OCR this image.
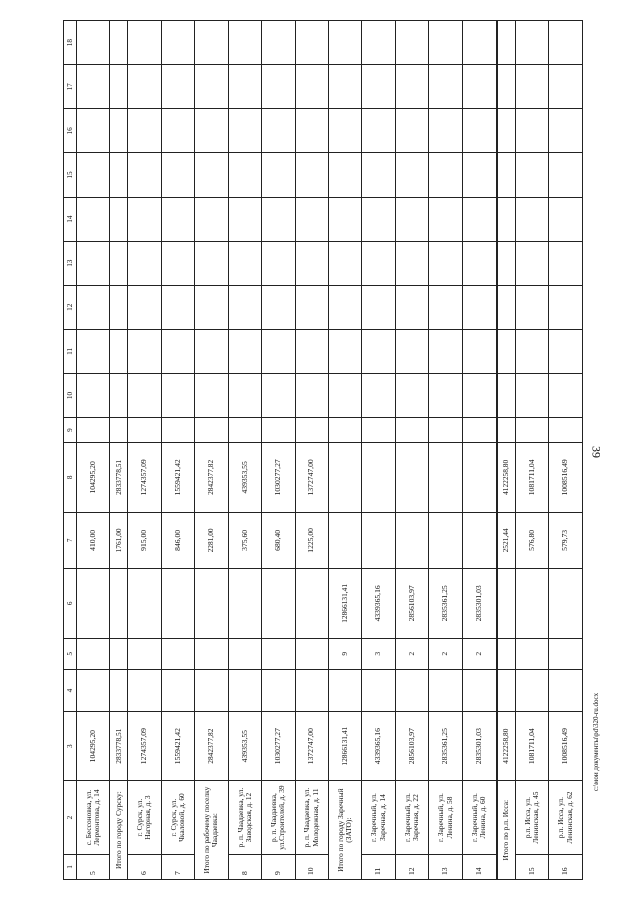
39
1	2	3	4	5	6	7	8	9	10	11	12	13	14	15	16	17	18
5	с. Бессоновка, ул. Лермонтова, д. 14	104295,20				410,00	104295,20										
Итого по городу Сурску:		2833778,51				1761,00	2833778,51										
6	г. Сурск, ул. Нагорная, д. 3	1274357,09				915,00	1274357,09										
7	г. Сурск, ул. Чкаловой, д. 60	1559421,42				846,00	1559421,42										
Итого по рабочему поселку Чаадаевка:		2842377,82				2281,00	2842377,82										
8	р. п. Чаадаевка, ул. Заводская, д. 12	439353,55				375,60	439353,55										
9	р. п. Чаадаевка, ул.Строителей, д. 39	1030277,27				680,40	1030277,27										
10	р. п. Чаадаевка, ул. Молодежная, д. 11	1372747,00				1225,00	1372747,00										
Итого по городу Заречный (ЗАТО):		12866131,41		9	12866131,41												
11	г. Заречный, ул. Заречная, д. 14	4339365,16		3	4339365,16												
12	г. Заречный, ул. Заречная, д. 22	2856103,97		2	2856103,97												
13	г. Заречный, ул. Ленина, д. 58	2835361,25		2	2835361,25												
14	г. Заречный, ул. Ленина, д. 60	2835301,03		2	2835301,03												
Итого по р.п. Исса:		4122258,80				2521,44	4122258,80										
15	р.п. Исса, ул. Ленинская, д. 45	1081711,04				576,80	1081711,04										
16	р.п. Исса, ул. Ленинская, д. 62	1008516,49				579,73	1008516,49										
c:\мои документы\pd\320-ru.docx
